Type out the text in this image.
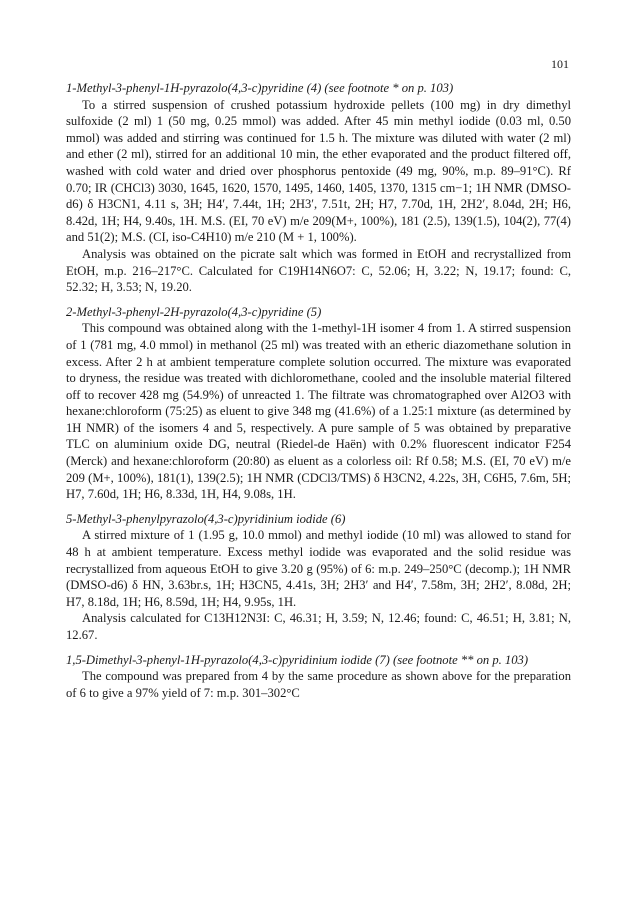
101

1-Methyl-3-phenyl-1H-pyrazolo(4,3-c)pyridine (4) (see footnote * on p. 103)

To a stirred suspension of crushed potassium hydroxide pellets (100 mg) in dry dimethyl sulfoxide (2 ml) 1 (50 mg, 0.25 mmol) was added. After 45 min methyl iodide (0.03 ml, 0.50 mmol) was added and stirring was continued for 1.5 h. The mixture was diluted with water (2 ml) and ether (2 ml), stirred for an additional 10 min, the ether evaporated and the product filtered off, washed with cold water and dried over phosphorus pentoxide (49 mg, 90%, m.p. 89–91°C). Rf 0.70; IR (CHCl3) 3030, 1645, 1620, 1570, 1495, 1460, 1405, 1370, 1315 cm−1; 1H NMR (DMSO-d6) δ H3CN1, 4.11 s, 3H; H4′, 7.44t, 1H; 2H3′, 7.51t, 2H; H7, 7.70d, 1H, 2H2′, 8.04d, 2H; H6, 8.42d, 1H; H4, 9.40s, 1H. M.S. (EI, 70 eV) m/e 209(M+, 100%), 181 (2.5), 139(1.5), 104(2), 77(4) and 51(2); M.S. (CI, iso-C4H10) m/e 210 (M + 1, 100%).

Analysis was obtained on the picrate salt which was formed in EtOH and recrystallized from EtOH, m.p. 216–217°C. Calculated for C19H14N6O7: C, 52.06; H, 3.22; N, 19.17; found: C, 52.32; H, 3.53; N, 19.20.

2-Methyl-3-phenyl-2H-pyrazolo(4,3-c)pyridine (5)

This compound was obtained along with the 1-methyl-1H isomer 4 from 1. A stirred suspension of 1 (781 mg, 4.0 mmol) in methanol (25 ml) was treated with an etheric diazomethane solution in excess. After 2 h at ambient temperature complete solution occurred. The mixture was evaporated to dryness, the residue was treated with dichloromethane, cooled and the insoluble material filtered off to recover 428 mg (54.9%) of unreacted 1. The filtrate was chromatographed over Al2O3 with hexane:chloroform (75:25) as eluent to give 348 mg (41.6%) of a 1.25:1 mixture (as determined by 1H NMR) of the isomers 4 and 5, respectively. A pure sample of 5 was obtained by preparative TLC on aluminium oxide DG, neutral (Riedel-de Haën) with 0.2% fluorescent indicator F254 (Merck) and hexane:chloroform (20:80) as eluent as a colorless oil: Rf 0.58; M.S. (EI, 70 eV) m/e 209 (M+, 100%), 181(1), 139(2.5); 1H NMR (CDCl3/TMS) δ H3CN2, 4.22s, 3H, C6H5, 7.6m, 5H; H7, 7.60d, 1H; H6, 8.33d, 1H, H4, 9.08s, 1H.

5-Methyl-3-phenylpyrazolo(4,3-c)pyridinium iodide (6)

A stirred mixture of 1 (1.95 g, 10.0 mmol) and methyl iodide (10 ml) was allowed to stand for 48 h at ambient temperature. Excess methyl iodide was evaporated and the solid residue was recrystallized from aqueous EtOH to give 3.20 g (95%) of 6: m.p. 249–250°C (decomp.); 1H NMR (DMSO-d6) δ HN, 3.63br.s, 1H; H3CN5, 4.41s, 3H; 2H3′ and H4′, 7.58m, 3H; 2H2′, 8.08d, 2H; H7, 8.18d, 1H; H6, 8.59d, 1H; H4, 9.95s, 1H.

Analysis calculated for C13H12N3I: C, 46.31; H, 3.59; N, 12.46; found: C, 46.51; H, 3.81; N, 12.67.

1,5-Dimethyl-3-phenyl-1H-pyrazolo(4,3-c)pyridinium iodide (7) (see footnote ** on p. 103)

The compound was prepared from 4 by the same procedure as shown above for the preparation of 6 to give a 97% yield of 7: m.p. 301–302°C
